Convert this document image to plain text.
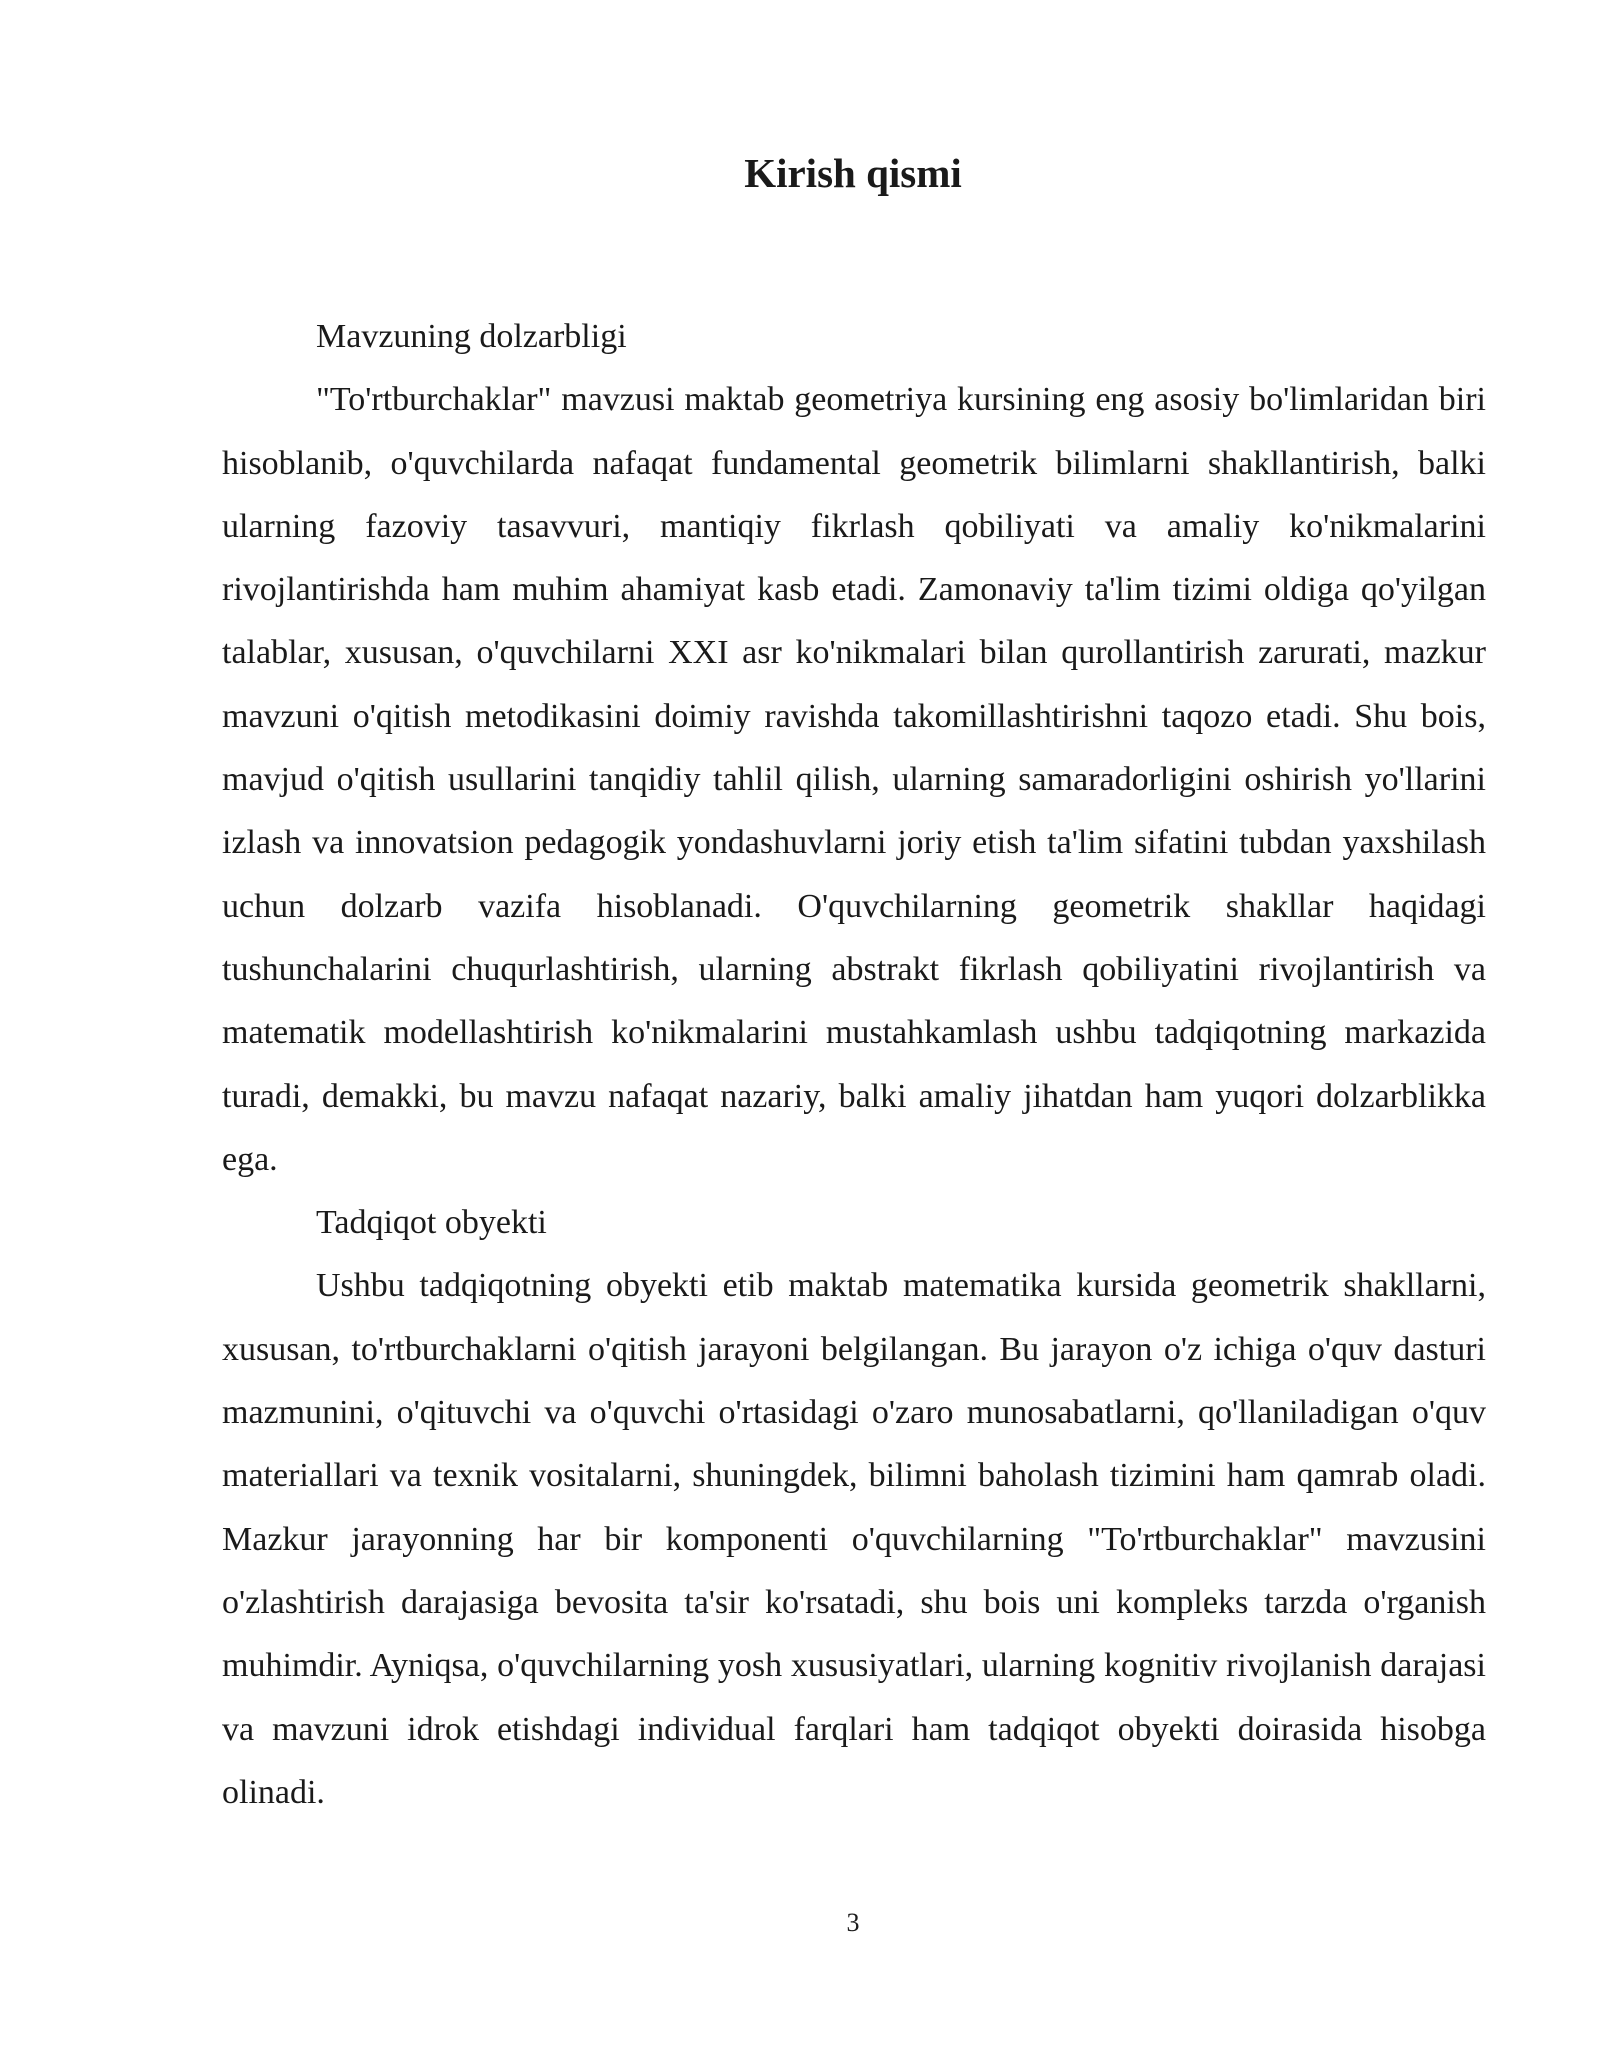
Kirish qismi

Mavzuning dolzarbligi

"To'rtburchaklar" mavzusi maktab geometriya kursining eng asosiy bo'limlaridan biri hisoblanib, o'quvchilarda nafaqat fundamental geometrik bilimlarni shakllantirish, balki ularning fazoviy tasavvuri, mantiqiy fikrlash qobiliyati va amaliy ko'nikmalarini rivojlantirishda ham muhim ahamiyat kasb etadi. Zamonaviy ta'lim tizimi oldiga qo'yilgan talablar, xususan, o'quvchilarni XXI asr ko'nikmalari bilan qurollantirish zarurati, mazkur mavzuni o'qitish metodikasini doimiy ravishda takomillashtirishni taqozo etadi. Shu bois, mavjud o'qitish usullarini tanqidiy tahlil qilish, ularning samaradorligini oshirish yo'llarini izlash va innovatsion pedagogik yondashuvlarni joriy etish ta'lim sifatini tubdan yaxshilash uchun dolzarb vazifa hisoblanadi. O'quvchilarning geometrik shakllar haqidagi tushunchalarini chuqurlashtirish, ularning abstrakt fikrlash qobiliyatini rivojlantirish va matematik modellashtirish ko'nikmalarini mustahkamlash ushbu tadqiqotning markazida turadi, demakki, bu mavzu nafaqat nazariy, balki amaliy jihatdan ham yuqori dolzarblikka ega.

Tadqiqot obyekti

Ushbu tadqiqotning obyekti etib maktab matematika kursida geometrik shakllarni, xususan, to'rtburchaklarni o'qitish jarayoni belgilangan. Bu jarayon o'z ichiga o'quv dasturi mazmunini, o'qituvchi va o'quvchi o'rtasidagi o'zaro munosabatlarni, qo'llaniladigan o'quv materiallari va texnik vositalarni, shuningdek, bilimni baholash tizimini ham qamrab oladi. Mazkur jarayonning har bir komponenti o'quvchilarning "To'rtburchaklar" mavzusini o'zlashtirish darajasiga bevosita ta'sir ko'rsatadi, shu bois uni kompleks tarzda o'rganish muhimdir. Ayniqsa, o'quvchilarning yosh xususiyatlari, ularning kognitiv rivojlanish darajasi va mavzuni idrok etishdagi individual farqlari ham tadqiqot obyekti doirasida hisobga olinadi.

3
